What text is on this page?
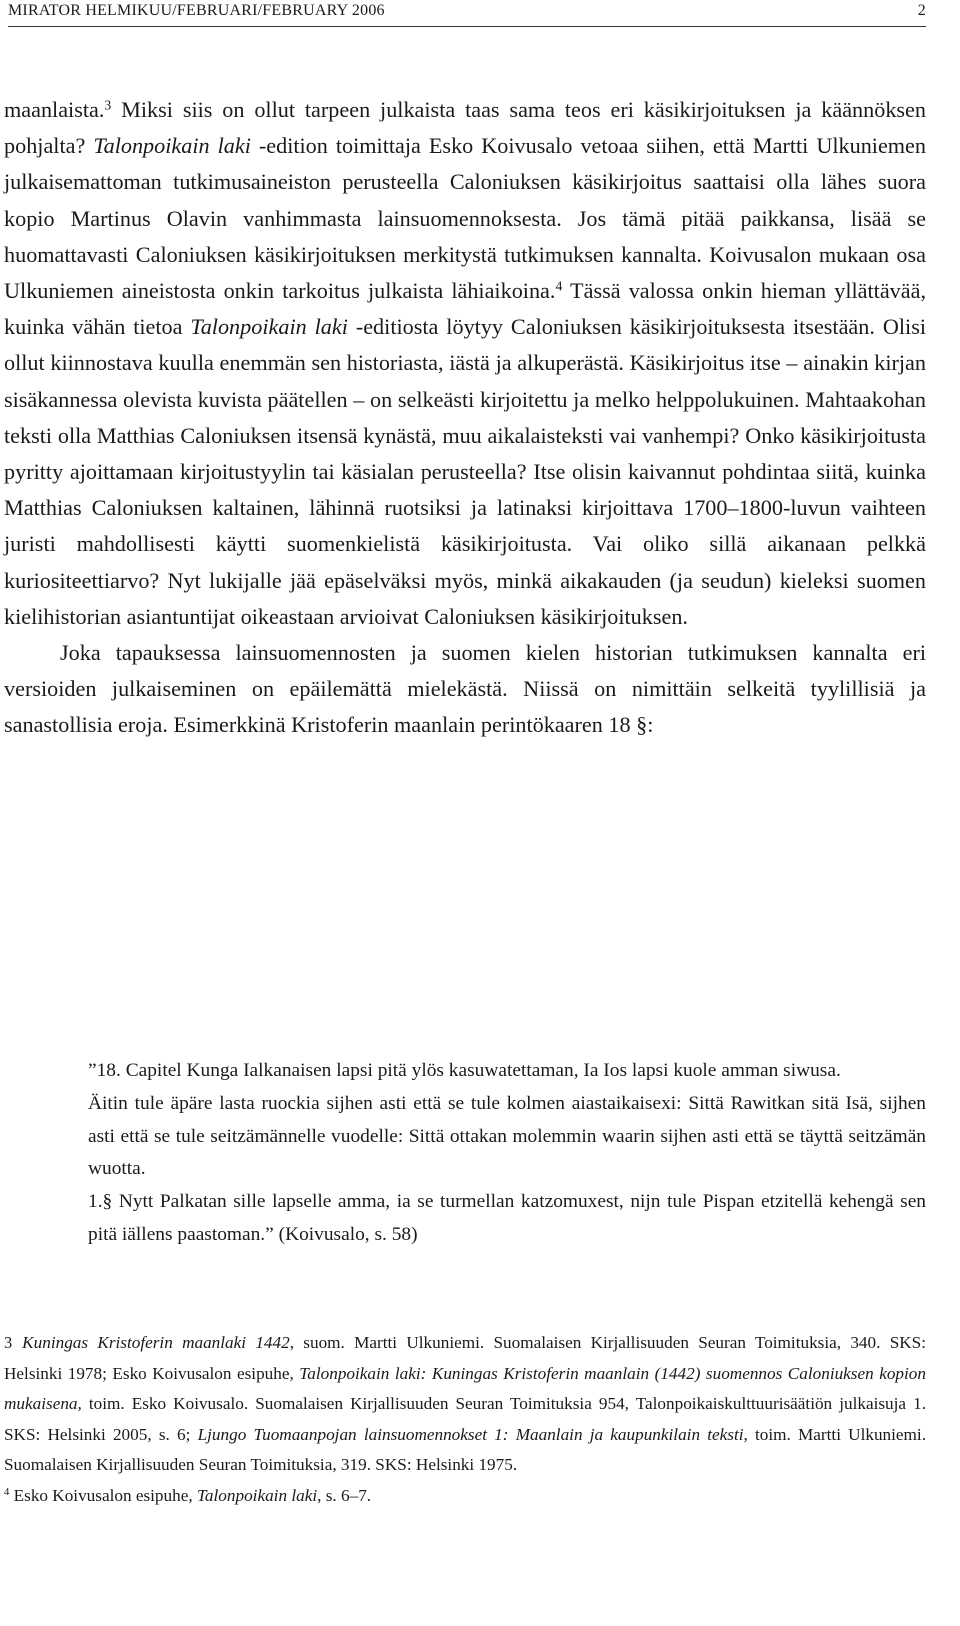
MIRATOR HELMIKUU/FEBRUARI/FEBRUARY 2006	2

maanlaista.$^3$ Miksi siis on ollut tarpeen julkaista taas sama teos eri käsikirjoituksen ja käännöksen pohjalta? Talonpoikain laki -edition toimittaja Esko Koivusalo vetoaa siihen, että Martti Ulkuniemen julkaisemattoman tutkimusaineiston perusteella Caloniuksen käsikirjoitus saattaisi olla lähes suora kopio Martinus Olavin vanhimmasta lainsuomennoksesta. Jos tämä pitää paikkansa, lisää se huomattavasti Caloniuksen käsikirjoituksen merkitystä tutkimuksen kannalta. Koivusalon mukaan osa Ulkuniemen aineistosta onkin tarkoitus julkaista lähiaikoina.$^4$ Tässä valossa onkin hieman yllättävää, kuinka vähän tietoa Talonpoikain laki -editiosta löytyy Caloniuksen käsikirjoituksesta itsestään. Olisi ollut kiinnostava kuulla enemmän sen historiasta, iästä ja alkuperästä. Käsikirjoitus itse – ainakin kirjan sisäkannessa olevista kuvista päätellen – on selkeästi kirjoitettu ja melko helppolukuinen. Mahtaakohan teksti olla Matthias Caloniuksen itsensä kynästä, muu aikalaisteksti vai vanhempi? Onko käsikirjoitusta pyritty ajoittamaan kirjoitustyylin tai käsialan perusteella? Itse olisin kaivannut pohdintaa siitä, kuinka Matthias Caloniuksen kaltainen, lähinnä ruotsiksi ja latinaksi kirjoittava 1700–1800-luvun vaihteen juristi mahdollisesti käytti suomenkielistä käsikirjoitusta. Vai oliko sillä aikanaan pelkkä kuriositeettiarvo? Nyt lukijalle jää epäselväksi myös, minkä aikakauden (ja seudun) kieleksi suomen kielihistorian asiantuntijat oikeastaan arvioivat Caloniuksen käsikirjoituksen.

Joka tapauksessa lainsuomennosten ja suomen kielen historian tutkimuksen kannalta eri versioiden julkaiseminen on epäilemättä mielekästä. Niissä on nimittäin selkeitä tyylillisiä ja sanastollisia eroja. Esimerkkinä Kristoferin maanlain perintökaaren 18 §:

”18. Capitel Kunga Ialkanaisen lapsi pitä ylös kasuwatettaman, Ia Ios lapsi kuole amman siwusa.

Äitin tule äpäre lasta ruockia sijhen asti että se tule kolmen aiastaikaisexi: Sittä Rawitkan sitä Isä, sijhen asti että se tule seitzämännelle vuodelle: Sittä ottakan molemmin waarin sijhen asti että se täyttä seitzämän wuotta.

1.§ Nytt Palkatan sille lapselle amma, ia se turmellan katzomuxest, nijn tule Pispan etzitellä kehengä sen pitä iällens paastoman.” (Koivusalo, s. 58)

3 Kuningas Kristoferin maanlaki 1442, suom. Martti Ulkuniemi. Suomalaisen Kirjallisuuden Seuran Toimituksia, 340. SKS: Helsinki 1978; Esko Koivusalon esipuhe, Talonpoikain laki: Kuningas Kristoferin maanlain (1442) suomennos Caloniuksen kopion mukaisena, toim. Esko Koivusalo. Suomalaisen Kirjallisuuden Seuran Toimituksia 954, Talonpoikaiskulttuurisäätiön julkaisuja 1. SKS: Helsinki 2005, s. 6; Ljungo Tuomaanpojan lainsuomennokset 1: Maanlain ja kaupunkilain teksti, toim. Martti Ulkuniemi. Suomalaisen Kirjallisuuden Seuran Toimituksia, 319. SKS: Helsinki 1975.

$^4$ Esko Koivusalon esipuhe, Talonpoikain laki, s. 6–7.
